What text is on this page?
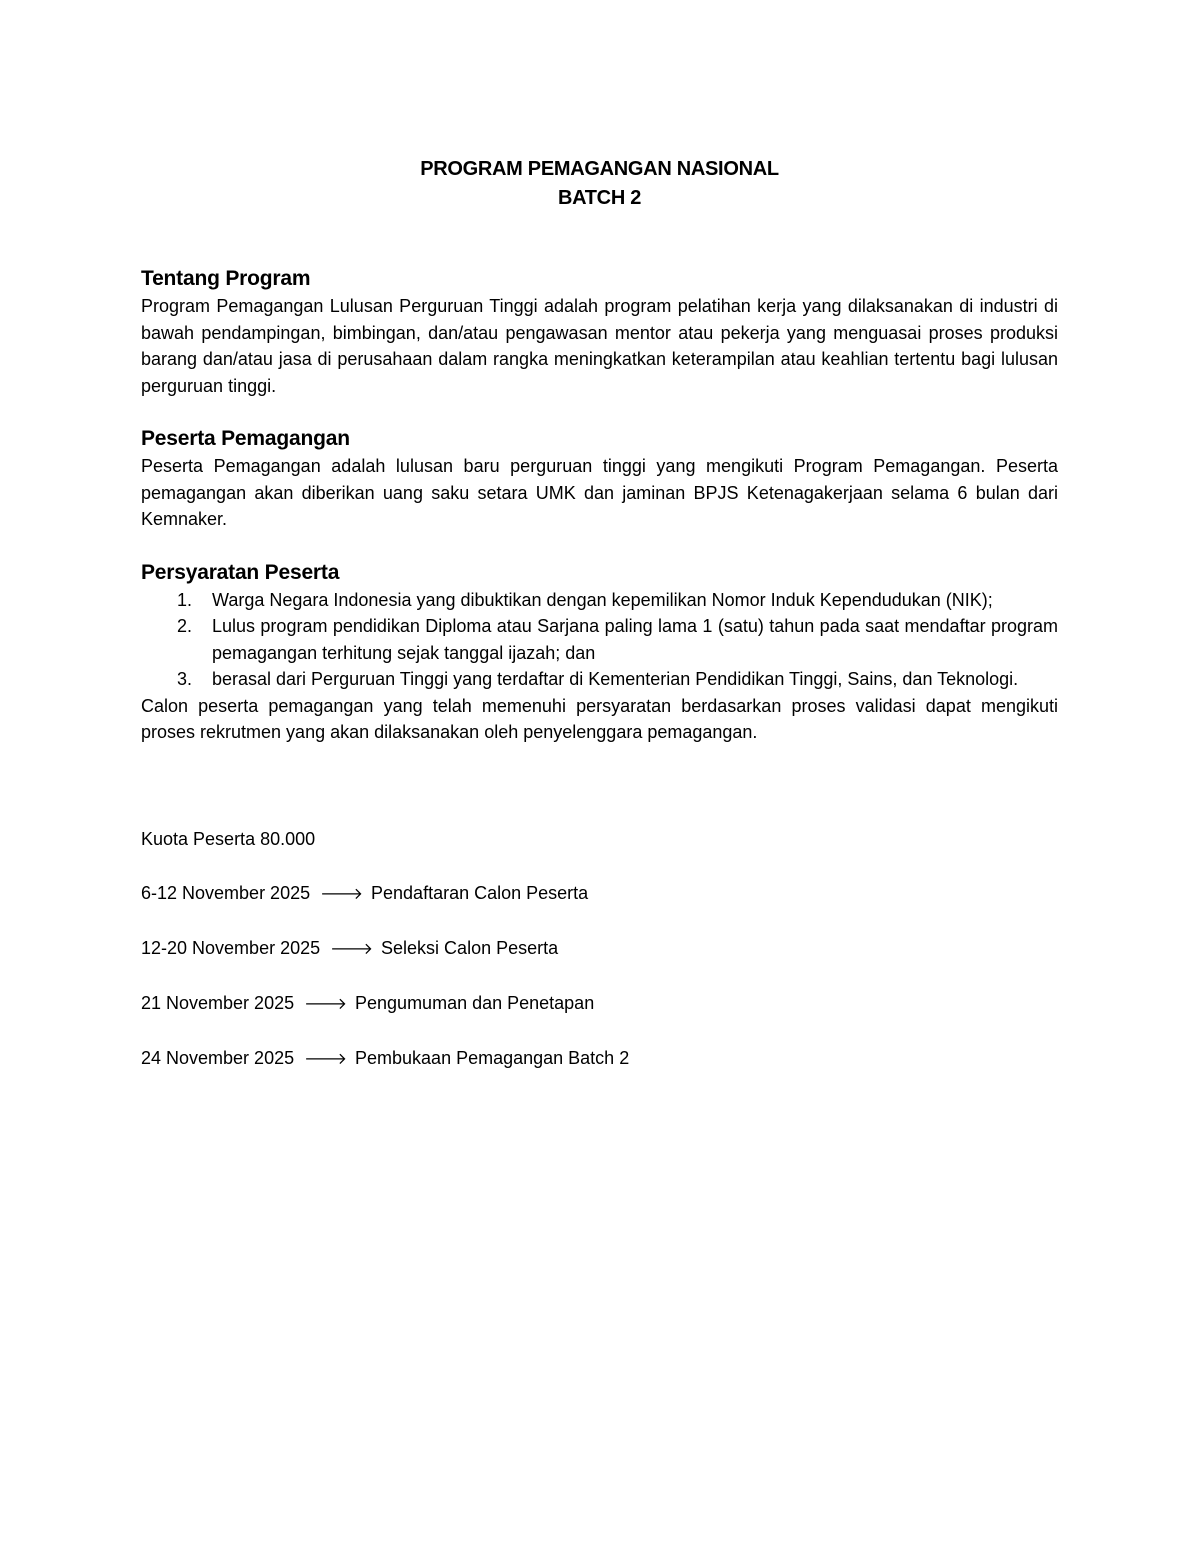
PROGRAM PEMAGANGAN NASIONAL

BATCH 2

Tentang Program

Program Pemagangan Lulusan Perguruan Tinggi adalah program pelatihan kerja yang dilaksanakan di industri di bawah pendampingan, bimbingan, dan/atau pengawasan mentor atau pekerja yang menguasai proses produksi barang dan/atau jasa di perusahaan dalam rangka meningkatkan keterampilan atau keahlian tertentu bagi lulusan perguruan tinggi.

Peserta Pemagangan

Peserta Pemagangan adalah lulusan baru perguruan tinggi yang mengikuti Program Pemagangan. Peserta pemagangan akan diberikan uang saku setara UMK dan jaminan BPJS Ketenagakerjaan selama 6 bulan dari Kemnaker.

Persyaratan Peserta
1. Warga Negara Indonesia yang dibuktikan dengan kepemilikan Nomor Induk Kependudukan (NIK);
2. Lulus program pendidikan Diploma atau Sarjana paling lama 1 (satu) tahun pada saat mendaftar program pemagangan terhitung sejak tanggal ijazah; dan
3. berasal dari Perguruan Tinggi yang terdaftar di Kementerian Pendidikan Tinggi, Sains, dan Teknologi.

Calon peserta pemagangan yang telah memenuhi persyaratan berdasarkan proses validasi dapat mengikuti proses rekrutmen yang akan dilaksanakan oleh penyelenggara pemagangan.

Kuota Peserta 80.000

6-12 November 2025 🡒 Pendaftaran Calon Peserta
12-20 November 2025 🡒 Seleksi Calon Peserta
21 November 2025 🡒 Pengumuman dan Penetapan
24 November 2025 🡒 Pembukaan Pemagangan Batch 2
